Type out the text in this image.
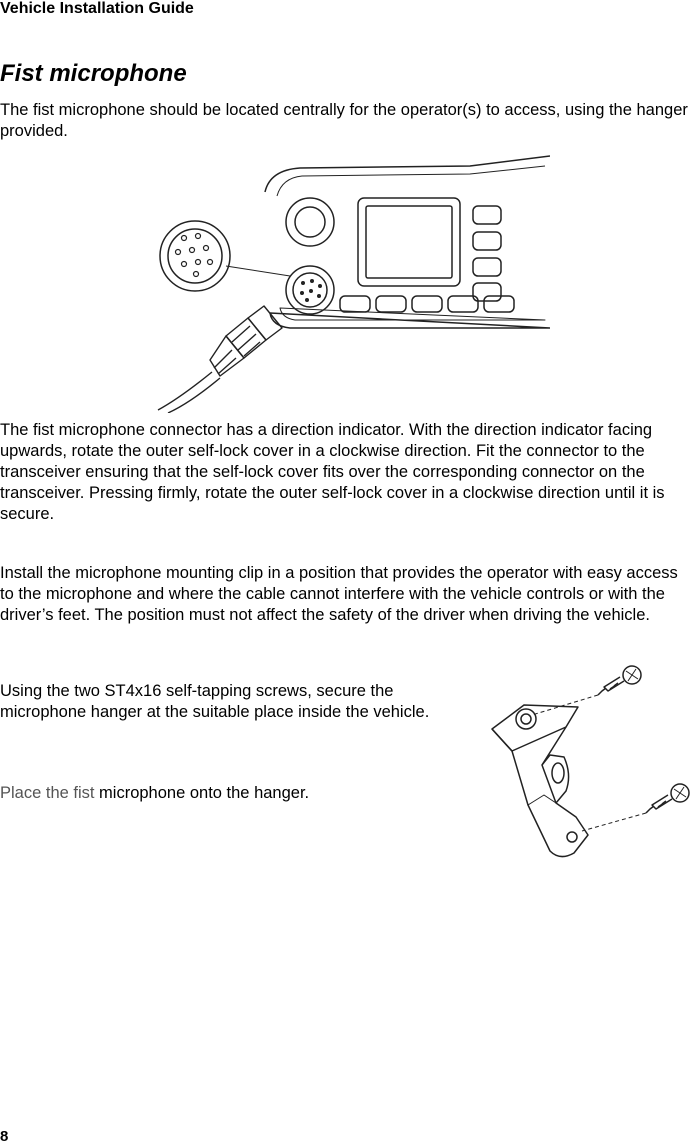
Vehicle Installation Guide
Fist microphone

The fist microphone should be located centrally for the operator(s) to access, using the hanger provided.

The fist microphone connector has a direction indicator. With the direction indicator facing upwards, rotate the outer self-lock cover in a clockwise direction. Fit the connector to the transceiver ensuring that the self-lock cover fits over the corresponding connector on the transceiver. Pressing firmly, rotate the outer self-lock cover in a clockwise direction until it is secure.

Install the microphone mounting clip in a position that provides the operator with easy access to the microphone and where the cable cannot interfere with the vehicle controls or with the driver’s feet. The position must not affect the safety of the driver when driving the vehicle.

Using the two ST4x16 self-tapping screws, secure the microphone hanger at the suitable place inside the vehicle.

Place the fist microphone onto the hanger.

8
